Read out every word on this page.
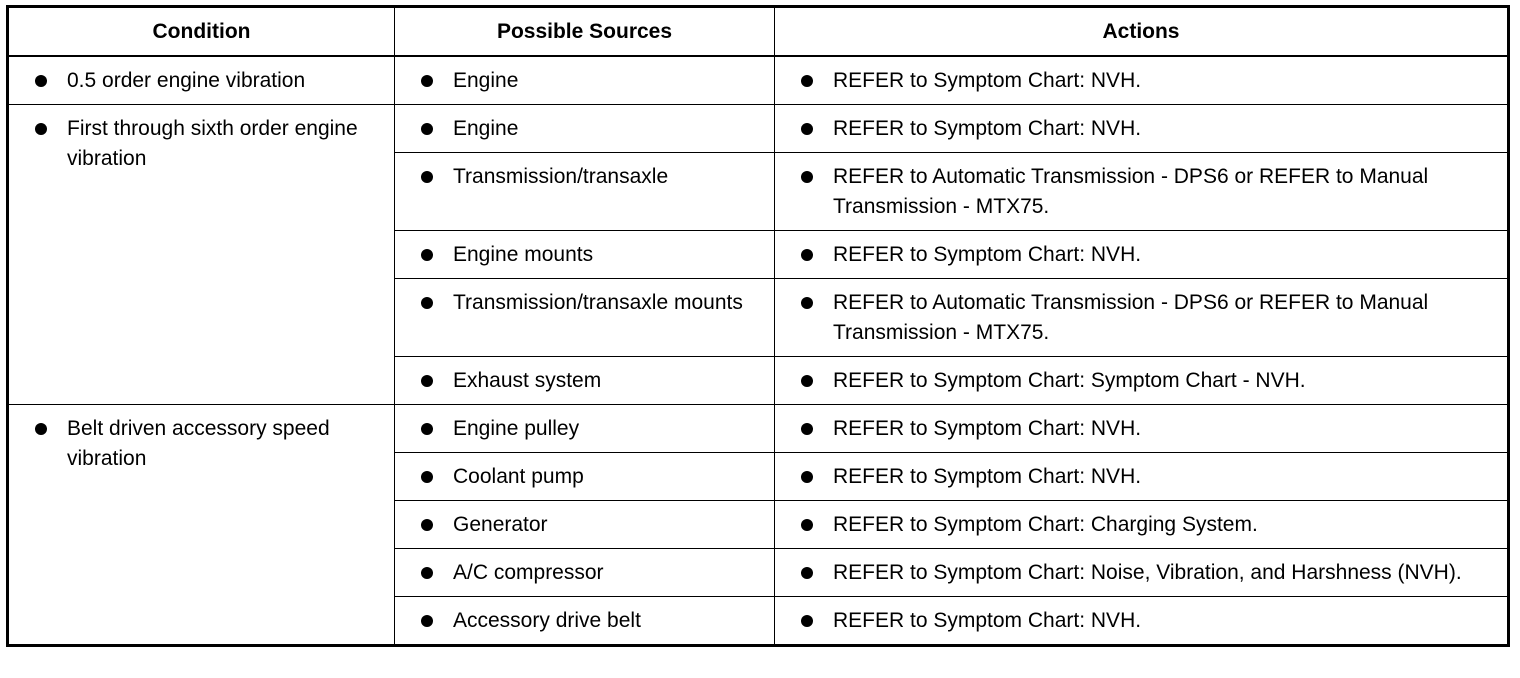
Condition	Possible Sources	Actions

0.5 order engine vibration	Engine	REFER to Symptom Chart: NVH.

First through sixth order engine vibration	Engine	REFER to Symptom Chart: NVH.

	Transmission/transaxle	REFER to Automatic Transmission - DPS6 or REFER to Manual Transmission - MTX75.

	Engine mounts	REFER to Symptom Chart: NVH.

	Transmission/transaxle mounts	REFER to Automatic Transmission - DPS6 or REFER to Manual Transmission - MTX75.

	Exhaust system	REFER to Symptom Chart: Symptom Chart - NVH.

Belt driven accessory speed vibration	Engine pulley	REFER to Symptom Chart: NVH.

	Coolant pump	REFER to Symptom Chart: NVH.

	Generator	REFER to Symptom Chart: Charging System.

	A/C compressor	REFER to Symptom Chart: Noise, Vibration, and Harshness (NVH).

	Accessory drive belt	REFER to Symptom Chart: NVH.
